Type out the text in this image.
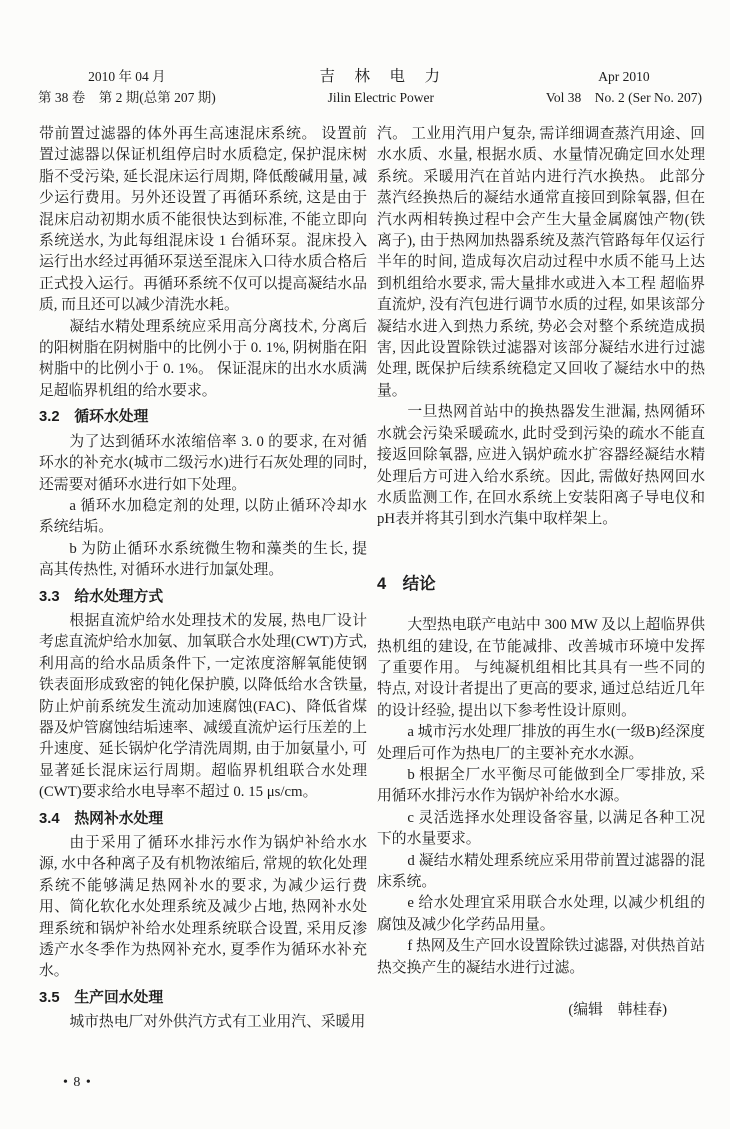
2010 年 04 月
第 38 卷　第 2 期(总第 207 期)
吉　林　电　力
Jilin Electric Power
Apr 2010
Vol 38　No. 2 (Ser No. 207)
带前置过滤器的体外再生高速混床系统。 设置前置过滤器以保证机组停启时水质稳定, 保护混床树脂不受污染, 延长混床运行周期, 降低酸碱用量, 减少运行费用。另外还设置了再循环系统, 这是由于混床启动初期水质不能很快达到标准, 不能立即向系统送水, 为此每组混床设 1 台循环泵。混床投入运行出水经过再循环泵送至混床入口待水质合格后正式投入运行。再循环系统不仅可以提高凝结水品质, 而且还可以减少清洗水耗。
凝结水精处理系统应采用高分离技术, 分离后的阳树脂在阴树脂中的比例小于 0. 1%, 阴树脂在阳树脂中的比例小于 0. 1%。 保证混床的出水水质满足超临界机组的给水要求。
3.2　循环水处理
为了达到循环水浓缩倍率 3. 0 的要求, 在对循环水的补充水(城市二级污水)进行石灰处理的同时, 还需要对循环水进行如下处理。
a 循环水加稳定剂的处理, 以防止循环冷却水系统结垢。
b 为防止循环水系统微生物和藻类的生长, 提高其传热性, 对循环水进行加氯处理。
3.3　给水处理方式
根据直流炉给水处理技术的发展, 热电厂设计考虑直流炉给水加氨、加氧联合水处理(CWT)方式, 利用高的给水品质条件下, 一定浓度溶解氧能使钢铁表面形成致密的钝化保护膜, 以降低给水含铁量, 防止炉前系统发生流动加速腐蚀(FAC)、降低省煤器及炉管腐蚀结垢速率、减缓直流炉运行压差的上升速度、延长锅炉化学清洗周期, 由于加氨量小, 可显著延长混床运行周期。超临界机组联合水处理(CWT)要求给水电导率不超过 0. 15 μs/cm。
3.4　热网补水处理
由于采用了循环水排污水作为锅炉补给水水源, 水中各种离子及有机物浓缩后, 常规的软化处理系统不能够满足热网补水的要求, 为减少运行费用、简化软化水处理系统及减少占地, 热网补水处理系统和锅炉补给水处理系统联合设置, 采用反渗透产水冬季作为热网补充水, 夏季作为循环水补充水。
3.5　生产回水处理
城市热电厂对外供汽方式有工业用汽、采暖用
汽。 工业用汽用户复杂, 需详细调查蒸汽用途、回水水质、水量, 根据水质、水量情况确定回水处理系统。采暖用汽在首站内进行汽水换热。 此部分蒸汽经换热后的凝结水通常直接回到除氧器, 但在汽水两相转换过程中会产生大量金属腐蚀产物(铁离子), 由于热网加热器系统及蒸汽管路每年仅运行半年的时间, 造成每次启动过程中水质不能马上达到机组给水要求, 需大量排水或进入本工程 超临界直流炉, 没有汽包进行调节水质的过程, 如果该部分凝结水进入到热力系统, 势必会对整个系统造成损害, 因此设置除铁过滤器对该部分凝结水进行过滤处理, 既保护后续系统稳定又回收了凝结水中的热量。
一旦热网首站中的换热器发生泄漏, 热网循环水就会污染采暖疏水, 此时受到污染的疏水不能直接返回除氧器, 应进入锅炉疏水扩容器经凝结水精处理后方可进入给水系统。因此, 需做好热网回水水质监测工作, 在回水系统上安装阳离子导电仪和pH表并将其引到水汽集中取样架上。
4　结论
大型热电联产电站中 300 MW 及以上超临界供热机组的建设, 在节能减排、改善城市环境中发挥了重要作用。 与纯凝机组相比其具有一些不同的特点, 对设计者提出了更高的要求, 通过总结近几年的设计经验, 提出以下参考性设计原则。
a 城市污水处理厂排放的再生水(一级B)经深度处理后可作为热电厂的主要补充水水源。
b 根据全厂水平衡尽可能做到全厂零排放, 采用循环水排污水作为锅炉补给水水源。
c 灵活选择水处理设备容量, 以满足各种工况下的水量要求。
d 凝结水精处理系统应采用带前置过滤器的混床系统。
e 给水处理宜采用联合水处理, 以减少机组的腐蚀及减少化学药品用量。
f 热网及生产回水设置除铁过滤器, 对供热首站热交换产生的凝结水进行过滤。
(编辑　韩桂春)
• 8 •
